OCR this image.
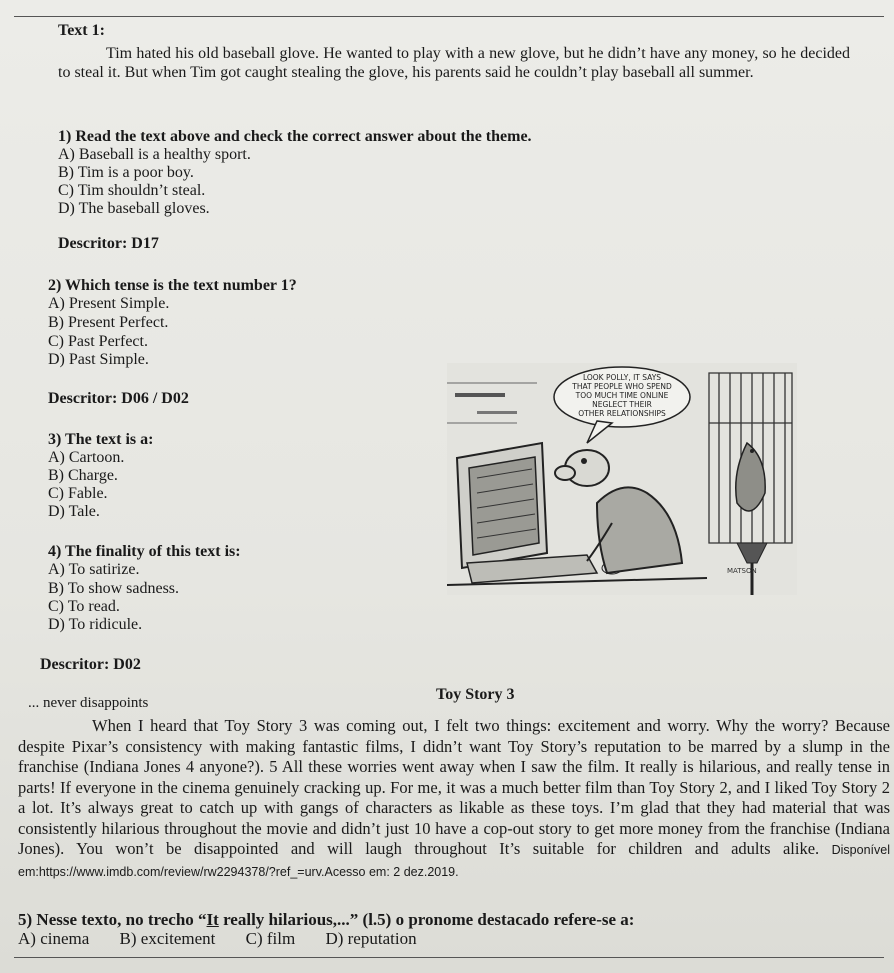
Text 1:
Tim hated his old baseball glove. He wanted to play with a new glove, but he didn’t have any money, so he decided to steal it. But when Tim got caught stealing the glove, his parents said he couldn’t play baseball all summer.
1) Read the text above and check the correct answer about the theme.
A) Baseball is a healthy sport.
B) Tim is a poor boy.
C) Tim shouldn’t steal.
D) The baseball gloves.
Descritor: D17
2) Which tense is the text number 1?
A) Present Simple.
B) Present Perfect.
C) Past Perfect.
D) Past Simple.
Descritor: D06 / D02
3) The text is a:
A) Cartoon.
B) Charge.
C) Fable.
D) Tale.
4) The finality of this text is:
A) To satirize.
B) To show sadness.
C) To read.
D) To ridicule.
Descritor: D02
LOOK POLLY, IT SAYS
THAT PEOPLE WHO SPEND
TOO MUCH TIME ONLINE
NEGLECT THEIR
OTHER RELATIONSHIPS
MATSON
... never disappoints	Toy Story 3
When I heard that Toy Story 3 was coming out, I felt two things: excitement and worry. Why the worry? Because despite Pixar’s consistency with making fantastic films, I didn’t want Toy Story’s reputation to be marred by a slump in the franchise (Indiana Jones 4 anyone?). 5 All these worries went away when I saw the film. It really is hilarious, and really tense in parts! If everyone in the cinema genuinely cracking up. For me, it was a much better film than Toy Story 2, and I liked Toy Story 2 a lot. It’s always great to catch up with gangs of characters as likable as these toys. I’m glad that they had material that was consistently hilarious throughout the movie and didn’t just 10 have a cop-out story to get more money from the franchise (Indiana Jones). You won’t be disappointed and will laugh throughout It’s suitable for children and adults alike. Disponível em:https://www.imdb.com/review/rw2294378/?ref_=urv.Acesso em: 2 dez.2019.
5) Nesse texto, no trecho “It really hilarious,...” (l.5) o pronome destacado refere-se a:
A) cinema B) excitement C) film D) reputation
